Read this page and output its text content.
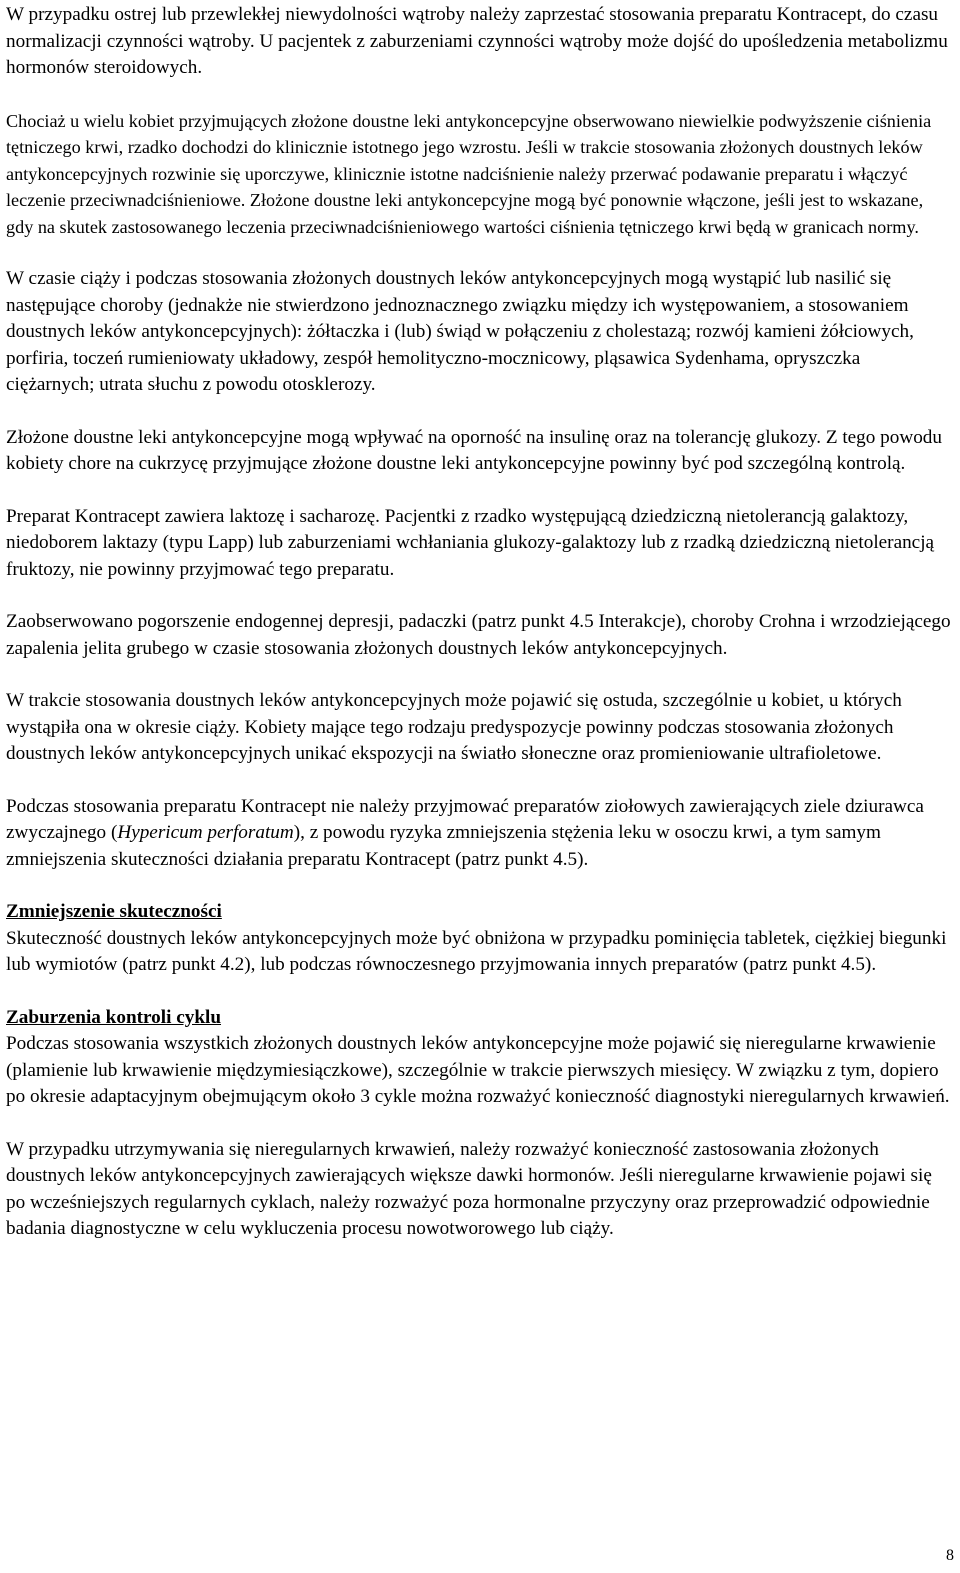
W przypadku ostrej lub przewlekłej niewydolności wątroby należy zaprzestać stosowania preparatu Kontracept, do czasu normalizacji czynności wątroby. U pacjentek z zaburzeniami czynności wątroby może dojść do upośledzenia metabolizmu hormonów steroidowych.

Chociaż u wielu kobiet przyjmujących złożone doustne leki antykoncepcyjne obserwowano niewielkie podwyższenie ciśnienia tętniczego krwi, rzadko dochodzi do klinicznie istotnego jego wzrostu. Jeśli w trakcie stosowania złożonych doustnych leków antykoncepcyjnych rozwinie się uporczywe, klinicznie istotne nadciśnienie należy przerwać podawanie preparatu i włączyć leczenie przeciwnadciśnieniowe. Złożone doustne leki antykoncepcyjne mogą być ponownie włączone, jeśli jest to wskazane, gdy na skutek zastosowanego leczenia przeciwnadciśnieniowego wartości ciśnienia tętniczego krwi będą w granicach normy.

W czasie ciąży i podczas stosowania złożonych doustnych leków antykoncepcyjnych mogą wystąpić lub nasilić się następujące choroby (jednakże nie stwierdzono jednoznacznego związku między ich występowaniem, a stosowaniem doustnych leków antykoncepcyjnych): żółtaczka i (lub) świąd w połączeniu z cholestazą; rozwój kamieni żółciowych, porfiria, toczeń rumieniowaty układowy, zespół hemolityczno-mocznicowy, pląsawica Sydenhama, opryszczka ciężarnych; utrata słuchu z powodu otosklerozy.

Złożone doustne leki antykoncepcyjne mogą wpływać na oporność na insulinę oraz na tolerancję glukozy. Z tego powodu kobiety chore na cukrzycę przyjmujące złożone doustne leki antykoncepcyjne powinny być pod szczególną kontrolą.

Preparat Kontracept zawiera laktozę i sacharozę. Pacjentki z rzadko występującą dziedziczną nietolerancją galaktozy, niedoborem laktazy (typu Lapp) lub zaburzeniami wchłaniania glukozy-galaktozy lub z rzadką dziedziczną nietolerancją fruktozy, nie powinny przyjmować tego preparatu.

Zaobserwowano pogorszenie endogennej depresji, padaczki (patrz punkt 4.5 Interakcje), choroby Crohna i wrzodziejącego zapalenia jelita grubego w czasie stosowania złożonych doustnych leków antykoncepcyjnych.

W trakcie stosowania doustnych leków antykoncepcyjnych może pojawić się ostuda, szczególnie u kobiet, u których wystąpiła ona w okresie ciąży. Kobiety mające tego rodzaju predyspozycje powinny podczas stosowania złożonych doustnych leków antykoncepcyjnych unikać ekspozycji na światło słoneczne oraz promieniowanie ultrafioletowe.

Podczas stosowania preparatu Kontracept nie należy przyjmować preparatów ziołowych zawierających ziele dziurawca zwyczajnego (Hypericum perforatum), z powodu ryzyka zmniejszenia stężenia leku w osoczu krwi, a tym samym zmniejszenia skuteczności działania preparatu Kontracept (patrz punkt 4.5).

Zmniejszenie skuteczności
Skuteczność doustnych leków antykoncepcyjnych może być obniżona w przypadku pominięcia tabletek, ciężkiej biegunki lub wymiotów (patrz punkt 4.2), lub podczas równoczesnego przyjmowania innych preparatów (patrz punkt 4.5).

Zaburzenia kontroli cyklu
Podczas stosowania wszystkich złożonych doustnych leków antykoncepcyjne może pojawić się nieregularne krwawienie (plamienie lub krwawienie międzymiesiączkowe), szczególnie w trakcie pierwszych miesięcy. W związku z tym, dopiero po okresie adaptacyjnym obejmującym około 3 cykle można rozważyć konieczność diagnostyki nieregularnych krwawień.

W przypadku utrzymywania się nieregularnych krwawień, należy rozważyć konieczność zastosowania złożonych doustnych leków antykoncepcyjnych zawierających większe dawki hormonów. Jeśli nieregularne krwawienie pojawi się po wcześniejszych regularnych cyklach, należy rozważyć poza hormonalne przyczyny oraz przeprowadzić odpowiednie badania diagnostyczne w celu wykluczenia procesu nowotworowego lub ciąży.

8
